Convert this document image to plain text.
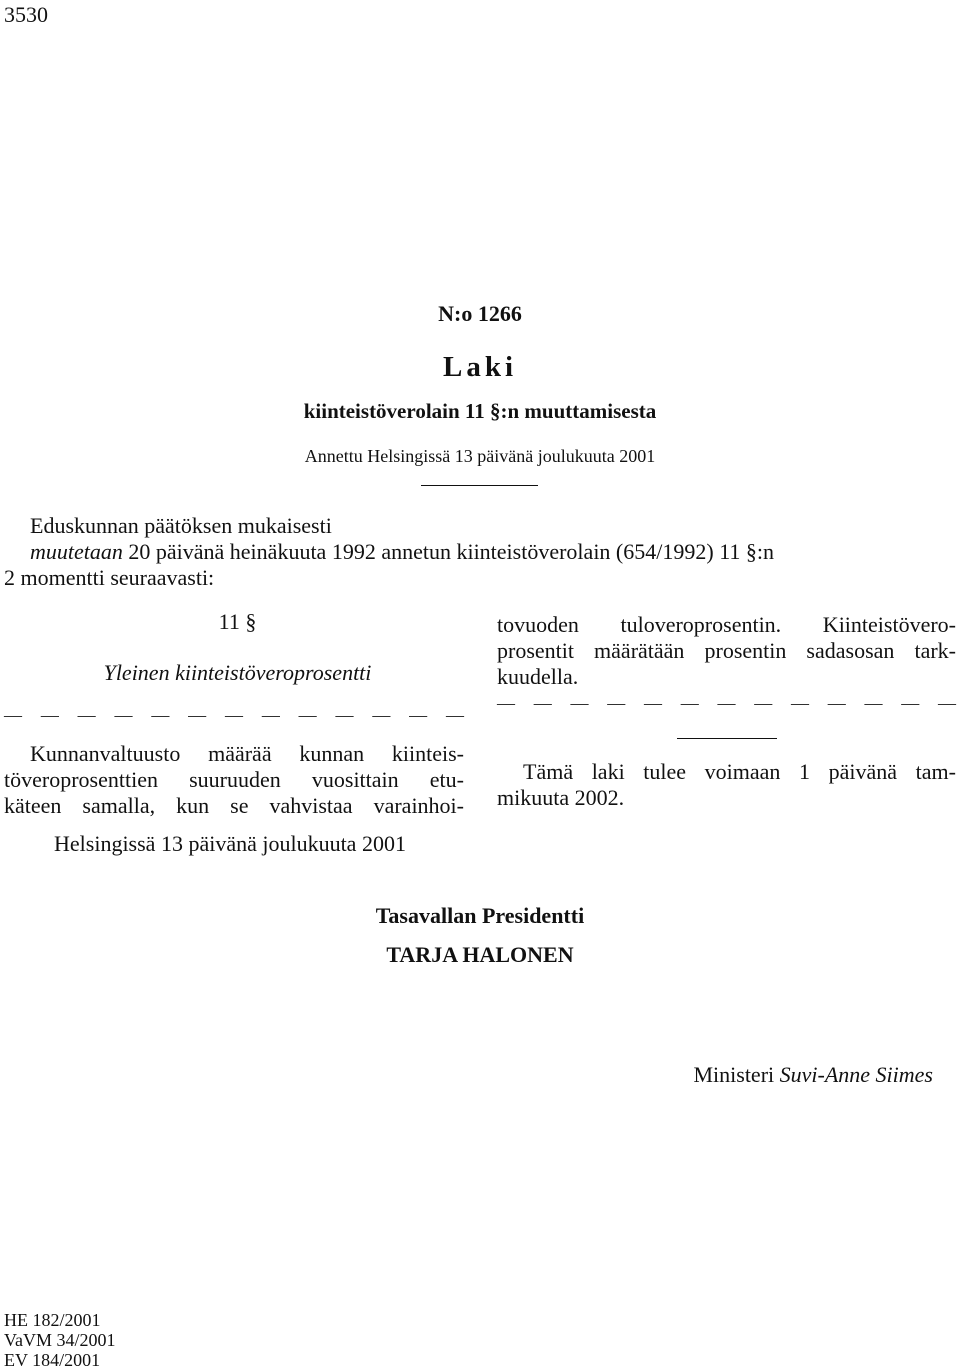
3530
N:o 1266
Laki
kiinteistöverolain 11 §:n muuttamisesta
Annettu Helsingissä 13 päivänä joulukuuta 2001
Eduskunnan päätöksen mukaisesti
muutetaan 20 päivänä heinäkuuta 1992 annetun kiinteistöverolain (654/1992) 11 §:n
2 momentti seuraavasti:
11 §
Yleinen kiinteistöveroprosentti
— — — — — — — — — — — — —
Kunnanvaltuusto määrää kunnan kiinteis-
töveroprosenttien suuruuden vuosittain etu-
käteen samalla, kun se vahvistaa varainhoi-
tovuoden tuloveroprosentin. Kiinteistövero-
prosentit määrätään prosentin sadasosan tark-
kuudella.
— — — — — — — — — — — — —
Tämä laki tulee voimaan 1 päivänä tam-
mikuuta 2002.
Helsingissä 13 päivänä joulukuuta 2001
Tasavallan Presidentti
TARJA HALONEN
Ministeri Suvi-Anne Siimes
HE 182/2001
VaVM 34/2001
EV 184/2001
